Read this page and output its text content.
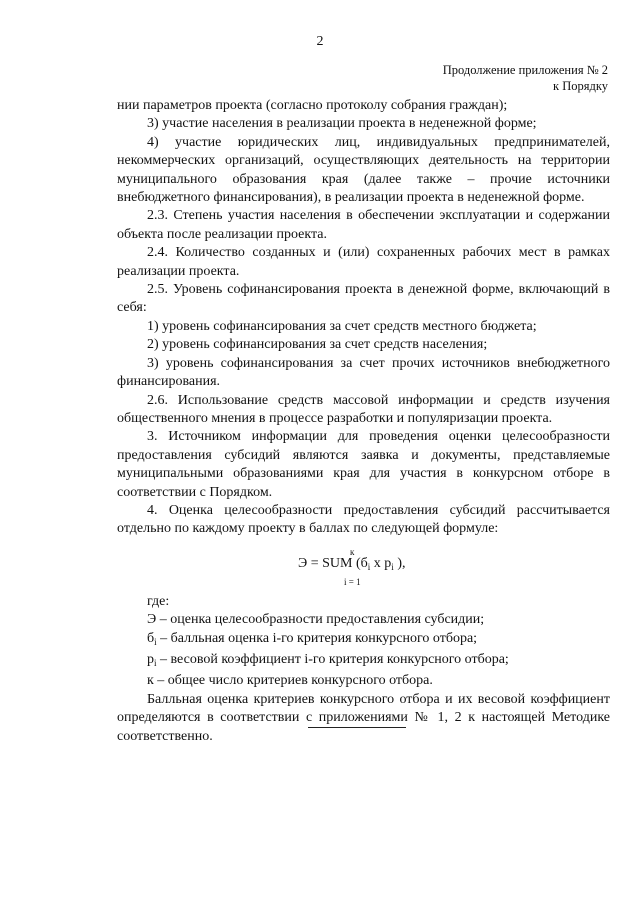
2
Продолжение приложения № 2
к Порядку

нии параметров проекта (согласно протоколу собрания граждан);

3) участие населения в реализации проекта в неденежной форме;

4) участие юридических лиц, индивидуальных предпринимателей, некоммерческих организаций, осуществляющих деятельность на территории муниципального образования края (далее также – прочие источники внебюджетного финансирования), в реализации проекта в неденежной форме.

2.3. Степень участия населения в обеспечении эксплуатации и содержании объекта после реализации проекта.

2.4. Количество созданных и (или) сохраненных рабочих мест в рамках реализации проекта.

2.5. Уровень софинансирования проекта в денежной форме, включающий в себя:

1) уровень софинансирования за счет средств местного бюджета;

2) уровень софинансирования за счет средств населения;

3) уровень софинансирования за счет прочих источников внебюджетного финансирования.

2.6. Использование средств массовой информации и средств изучения общественного мнения в процессе разработки и популяризации проекта.

3. Источником информации для проведения оценки целесообразности предоставления субсидий являются заявка и документы, представляемые муниципальными образованиями края для участия в конкурсном отборе в соответствии с Порядком.

4. Оценка целесообразности предоставления субсидий рассчитывается отдельно по каждому проекту в баллах по следующей формуле:

к
Э = SUM ($б_i$ х $p_i$ ),
i = 1

где:

Э – оценка целесообразности предоставления субсидии;

$б_i$ – балльная оценка i-го критерия конкурсного отбора;

$p_i$ – весовой коэффициент i-го критерия конкурсного отбора;

к – общее число критериев конкурсного отбора.

Балльная оценка критериев конкурсного отбора и их весовой коэффициент определяются в соответствии с приложениями № 1, 2 к настоящей Методике соответственно.
